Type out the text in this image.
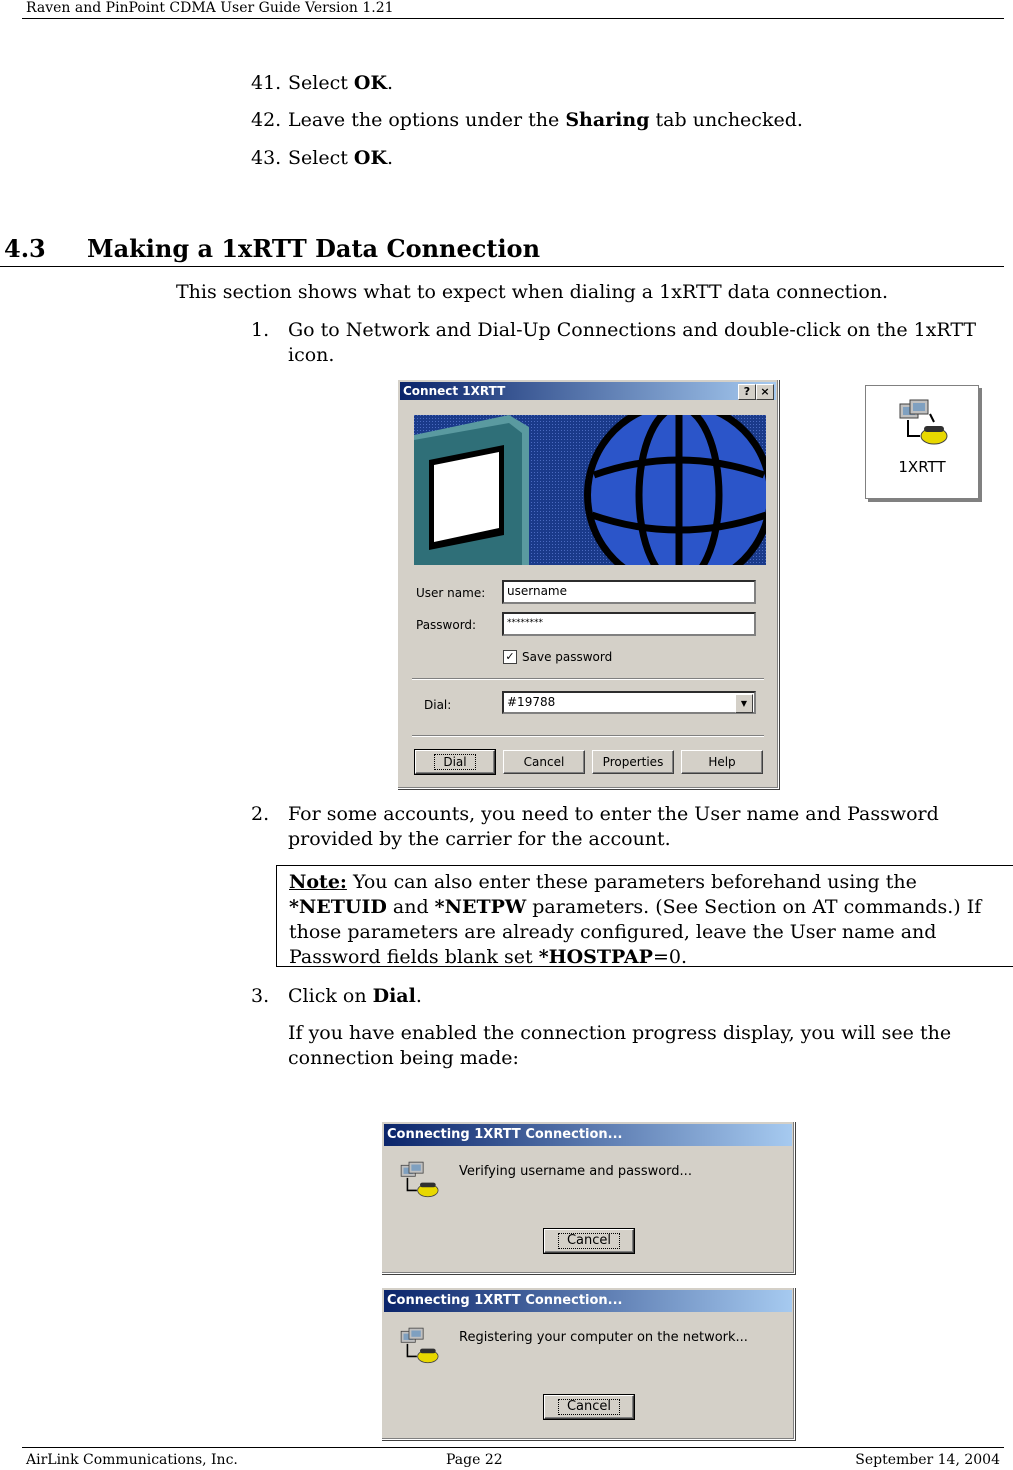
Raven and PinPoint CDMA User Guide Version 1.21
41. Select OK.
42. Leave the options under the Sharing tab unchecked.
43. Select OK.
4.3 Making a 1xRTT Data Connection
This section shows what to expect when dialing a 1xRTT data connection.
1. Go to Network and Dial-Up Connections and double-click on the 1xRTT icon.
Connect 1XRTT	? ×
User name:	username
Password:	********
✓ Save password
Dial:	#19788	▼
Dial	Cancel	Properties	Help
1XRTT
2. For some accounts, you need to enter the User name and Password provided by the carrier for the account.
Note: You can also enter these parameters beforehand using the *NETUID and *NETPW parameters. (See Section on AT commands.) If those parameters are already configured, leave the User name and Password fields blank set *HOSTPAP=0.
3. Click on Dial.
If you have enabled the connection progress display, you will see the connection being made:
Connecting 1XRTT Connection...
Verifying username and password...
Cancel
Connecting 1XRTT Connection...
Registering your computer on the network...
Cancel
AirLink Communications, Inc.	Page 22	September 14, 2004
